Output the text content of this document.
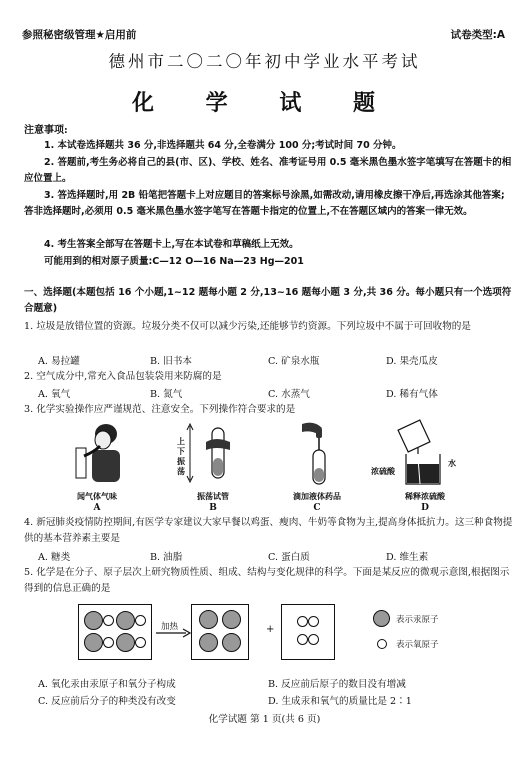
参照秘密级管理★启用前	试卷类型:A
德州市二〇二〇年初中学业水平考试
化 学 试 题
注意事项:
1. 本试卷选择题共 36 分,非选择题共 64 分,全卷满分 100 分;考试时间 70 分钟。
2. 答题前,考生务必将自己的县(市、区)、学校、姓名、准考证号用 0.5 毫米黑色墨水签字笔填写在答题卡的相应位置上。
3. 答选择题时,用 2B 铅笔把答题卡上对应题目的答案标号涂黑,如需改动,请用橡皮擦干净后,再选涂其他答案;答非选择题时,必须用 0.5 毫米黑色墨水签字笔写在答题卡指定的位置上,不在答题区域内的答案一律无效。
4. 考生答案全部写在答题卡上,写在本试卷和草稿纸上无效。
可能用到的相对原子质量:C—12 O—16 Na—23 Hg—201
一、选择题(本题包括 16 个小题,1~12 题每小题 2 分,13~16 题每小题 3 分,共 36 分。每小题只有一个选项符合题意)
1. 垃圾是放错位置的资源。垃圾分类不仅可以减少污染,还能够节约资源。下列垃圾中不属于可回收物的是
A. 易拉罐	B. 旧书本	C. 矿泉水瓶	D. 果壳瓜皮
2. 空气成分中,常充入食品包装袋用来防腐的是
A. 氧气	B. 氮气	C. 水蒸气	D. 稀有气体
3. 化学实验操作应严谨规范、注意安全。下列操作符合要求的是
闻气体气味
A
上下振荡
振荡试管
B
滴加液体药品
C
浓硫酸
水
稀释浓硫酸
D
4. 新冠肺炎疫情防控期间,有医学专家建议大家早餐以鸡蛋、瘦肉、牛奶等食物为主,提高身体抵抗力。这三种食物提供的基本营养素主要是
A. 糖类	B. 油脂	C. 蛋白质	D. 维生素
5. 化学是在分子、原子层次上研究物质性质、组成、结构与变化规律的科学。下面是某反应的微观示意图,根据图示得到的信息正确的是
加热	+
表示汞原子
表示氧原子
A. 氧化汞由汞原子和氧分子构成	B. 反应前后原子的数目没有增减
C. 反应前后分子的种类没有改变	D. 生成汞和氧气的质量比是 2∶1
化学试题 第 1 页(共 6 页)
